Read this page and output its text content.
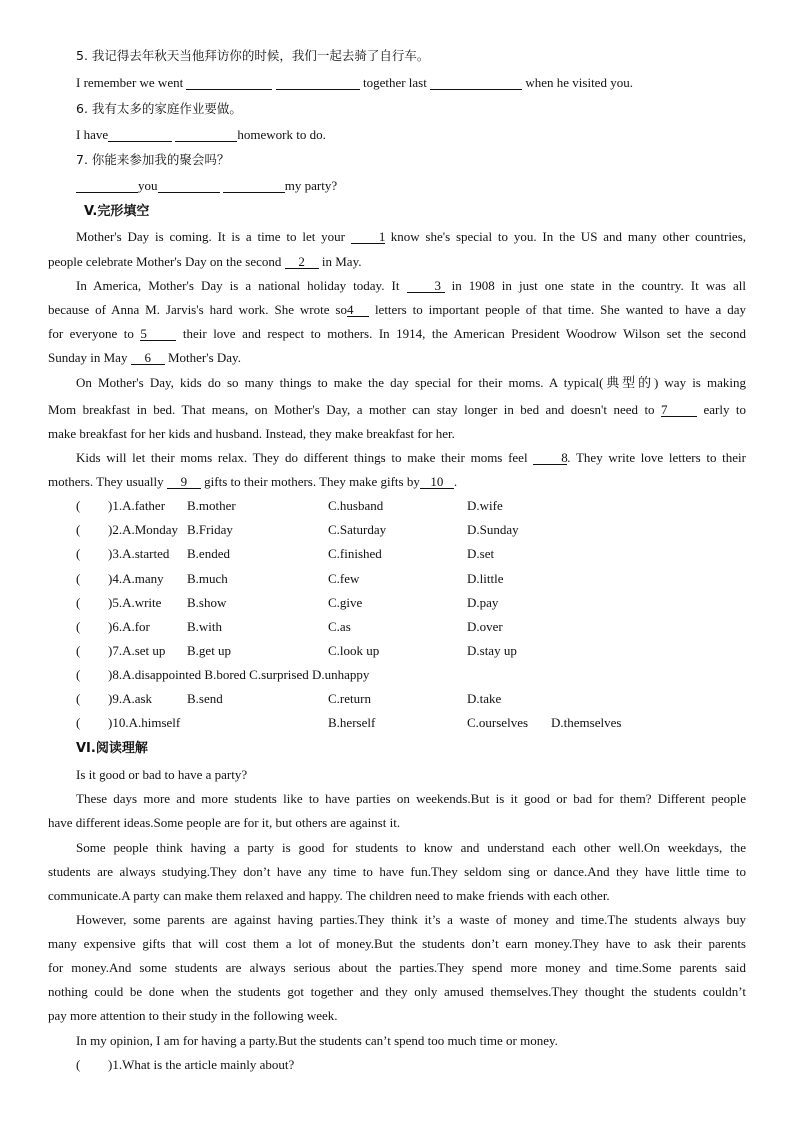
5. 我记得去年秋天当他拜访你的时候，我们一起去骑了自行车。
I remember we went	together last	when he visited you.
6. 我有太多的家庭作业要做。
I have	homework to do.
7. 你能来参加我的聚会吗？
you	my party?
V.完形填空
Mother's Day is coming. It is a time to let your	1 know she's special to you. In the US and many other countries,
people celebrate Mother's Day on the second 2 in May.
In America, Mother's Day is a national holiday today. It	3 in 1908 in just one state in the country. It was all
because of Anna M. Jarvis's hard work. She wrote so4 letters to important people of that time. She wanted to have a day
for everyone to 5	their love and respect to mothers. In 1914, the American President Woodrow Wilson set the second
Sunday in May 6 Mother's Day.
On Mother's Day, kids do so many things to make the day special for their moms. A typical(典型的) way is making
Mom breakfast in bed. That means, on Mother's Day, a mother can stay longer in bed and doesn't need to 7	early to
make breakfast for her kids and husband. Instead, they make breakfast for her.
Kids will let their moms relax. They do different things to make their moms feel	8. They write love letters to their
mothers. They usually 9 gifts to their mothers. They make gifts by 10 .
( )1.A.father B.mother	C.husband	D.wife
( )2.A.Monday B.Friday	C.Saturday	D.Sunday
( )3.A.started B.ended	C.finished	D.set
( )4.A.many B.much	C.few	D.little
( )5.A.write B.show	C.give	D.pay
( )6.A.for	B.with	C.as	D.over
( )7.A.set up B.get up	C.look up	D.stay up
( )8.A.disappointed B.bored C.surprised D.unhappy
( )9.A.ask	B.send	C.return	D.take
( )10.A.himself	B.herself	C.ourselves D.themselves
VI.阅读理解
Is it good or bad to have a party?
These days more and more students like to have parties on weekends.But is it good or bad for them? Different people
have different ideas.Some people are for it, but others are against it.
Some people think having a party is good for students to know and understand each other well.On weekdays, the
students are always studying.They don’t have any time to have fun.They seldom sing or dance.And they have little time to
communicate.A party can make them relaxed and happy. The children need to make friends with each other.
However, some parents are against having parties.They think it’s a waste of money and time.The students always buy
many expensive gifts that will cost them a lot of money.But the students don’t earn money.They have to ask their parents
for money.And some students are always serious about the parties.They spend more money and time.Some parents said
nothing could be done when the students got together and they only amused themselves.They thought the students couldn’t
pay more attention to their study in the following week.
In my opinion, I am for having a party.But the students can’t spend too much time or money.
( )1.What is the article mainly about?
